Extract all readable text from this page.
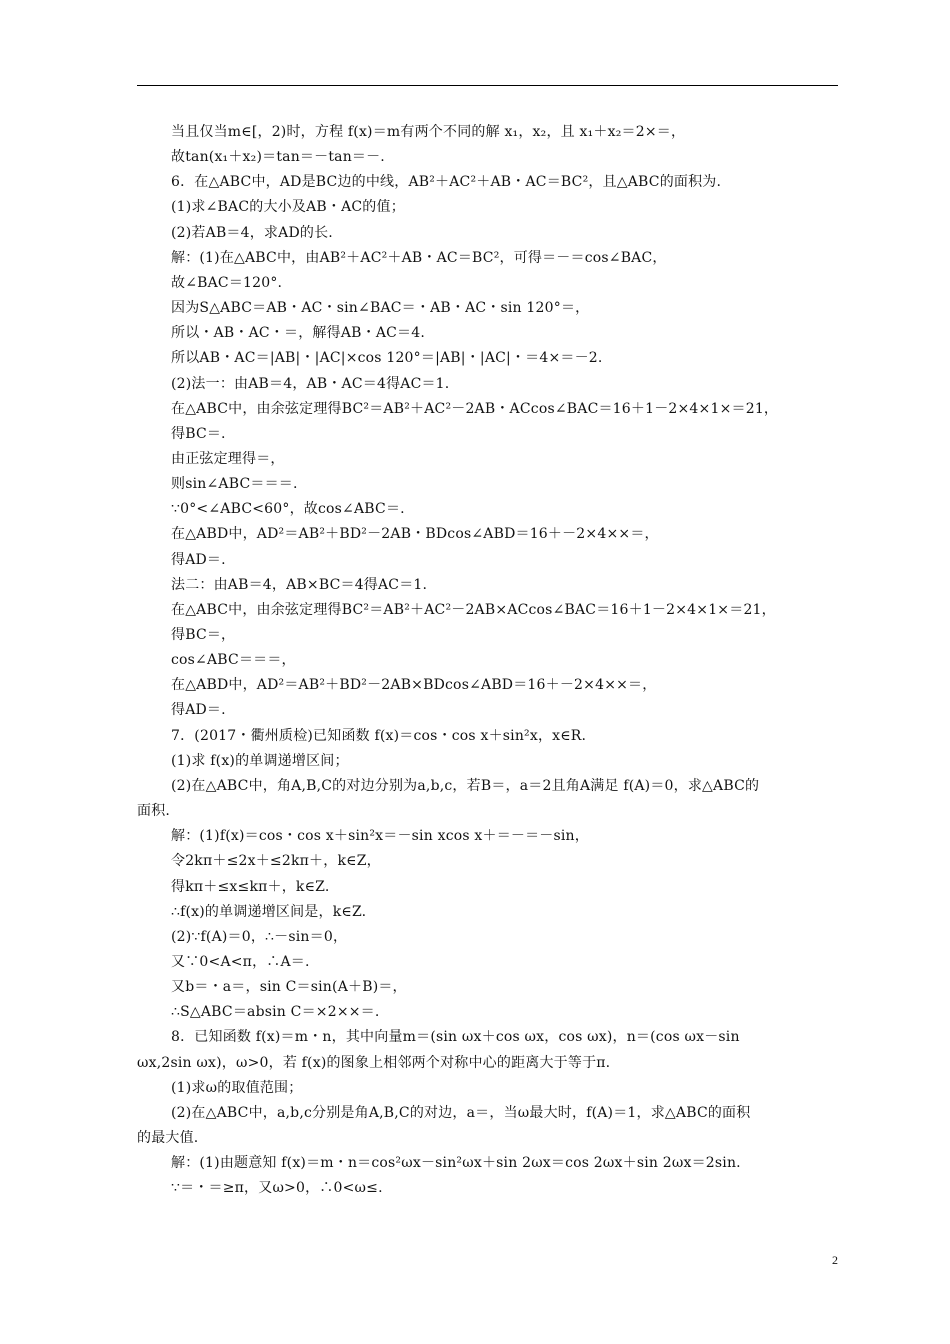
当且仅当m∈[，2)时，方程 f(x)＝m有两个不同的解 x₁，x₂，且 x₁＋x₂＝2×＝，
故tan(x₁＋x₂)＝tan＝－tan＝－.
6．在△ABC中，AD是BC边的中线，AB²＋AC²＋AB・AC＝BC²，且△ABC的面积为.
(1)求∠BAC的大小及AB・AC的值；
(2)若AB＝4，求AD的长.
解：(1)在△ABC中，由AB²＋AC²＋AB・AC＝BC²，可得＝－＝cos∠BAC，
故∠BAC＝120°.
因为S△ABC＝AB・AC・sin∠BAC＝・AB・AC・sin 120°＝，
所以・AB・AC・＝，解得AB・AC＝4.
所以AB・AC＝|AB|・|AC|×cos 120°＝|AB|・|AC|・＝4×＝－2.
(2)法一：由AB＝4，AB・AC＝4得AC＝1.
在△ABC中，由余弦定理得BC²＝AB²＋AC²－2AB・ACcos∠BAC＝16＋1－2×4×1×＝21，
得BC＝.
由正弦定理得＝，
则sin∠ABC＝＝＝.
∵0°<∠ABC<60°，故cos∠ABC＝.
在△ABD中，AD²＝AB²＋BD²－2AB・BDcos∠ABD＝16＋－2×4××＝，
得AD＝.
法二：由AB＝4，AB×BC＝4得AC＝1.
在△ABC中，由余弦定理得BC²＝AB²＋AC²－2AB×ACcos∠BAC＝16＋1－2×4×1×＝21，
得BC＝，
cos∠ABC＝＝＝，
在△ABD中，AD²＝AB²＋BD²－2AB×BDcos∠ABD＝16＋－2×4××＝，
得AD＝.
7．(2017・衢州质检)已知函数 f(x)＝cos・cos x＋sin²x，x∈R.
(1)求 f(x)的单调递增区间；
(2)在△ABC中，角A,B,C的对边分别为a,b,c，若B＝，a＝2且角A满足 f(A)＝0，求△ABC的
面积.
解：(1)f(x)＝cos・cos x＋sin²x＝－sin xcos x＋＝－＝－sin，
令2kπ＋≤2x＋≤2kπ＋，k∈Z，
得kπ＋≤x≤kπ＋，k∈Z.
∴f(x)的单调递增区间是，k∈Z.
(2)∵f(A)＝0，∴－sin＝0，
又∵0<A<π，∴A＝.
又b＝・a＝，sin C＝sin(A＋B)＝，
∴S△ABC＝absin C＝×2××＝.
8．已知函数 f(x)＝m・n，其中向量m＝(sin ωx＋cos ωx，cos ωx)，n＝(cos ωx－sin
ωx,2sin ωx)，ω>0，若 f(x)的图象上相邻两个对称中心的距离大于等于π.
(1)求ω的取值范围；
(2)在△ABC中，a,b,c分别是角A,B,C的对边，a＝，当ω最大时，f(A)＝1，求△ABC的面积
的最大值.
解：(1)由题意知 f(x)＝m・n＝cos²ωx－sin²ωx＋sin 2ωx＝cos 2ωx＋sin 2ωx＝2sin.
∵＝・＝≥π，又ω>0，∴0<ω≤.
2
